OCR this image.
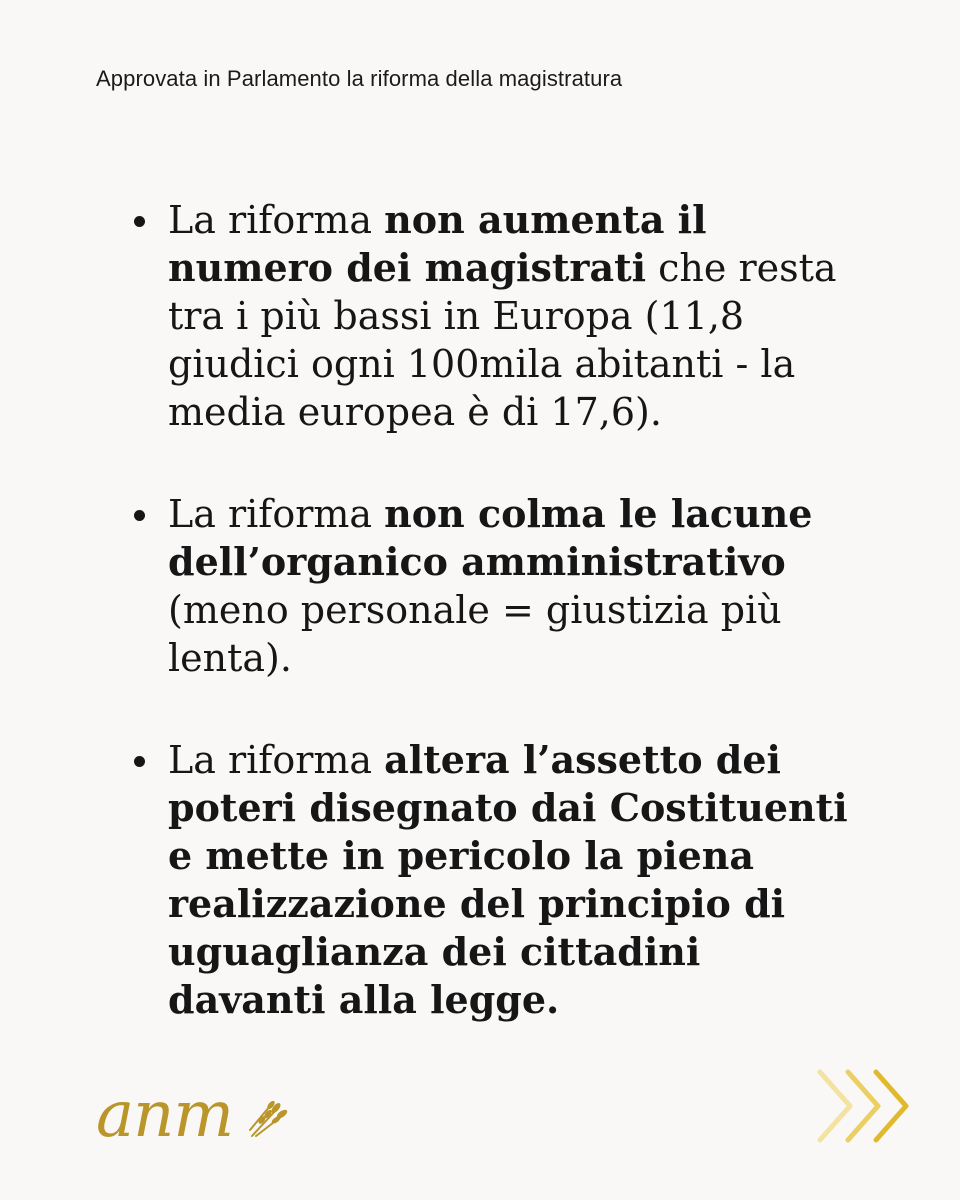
Approvata in Parlamento la riforma della magistratura
La riforma non aumenta il numero dei magistrati che resta tra i più bassi in Europa (11,8 giudici ogni 100mila abitanti - la media europea è di 17,6).
La riforma non colma le lacune dell’organico amministrativo (meno personale = giustizia più lenta).
La riforma altera l’assetto dei poteri disegnato dai Costituenti e mette in pericolo la piena realizzazione del principio di uguaglianza dei cittadini davanti alla legge.
anm
